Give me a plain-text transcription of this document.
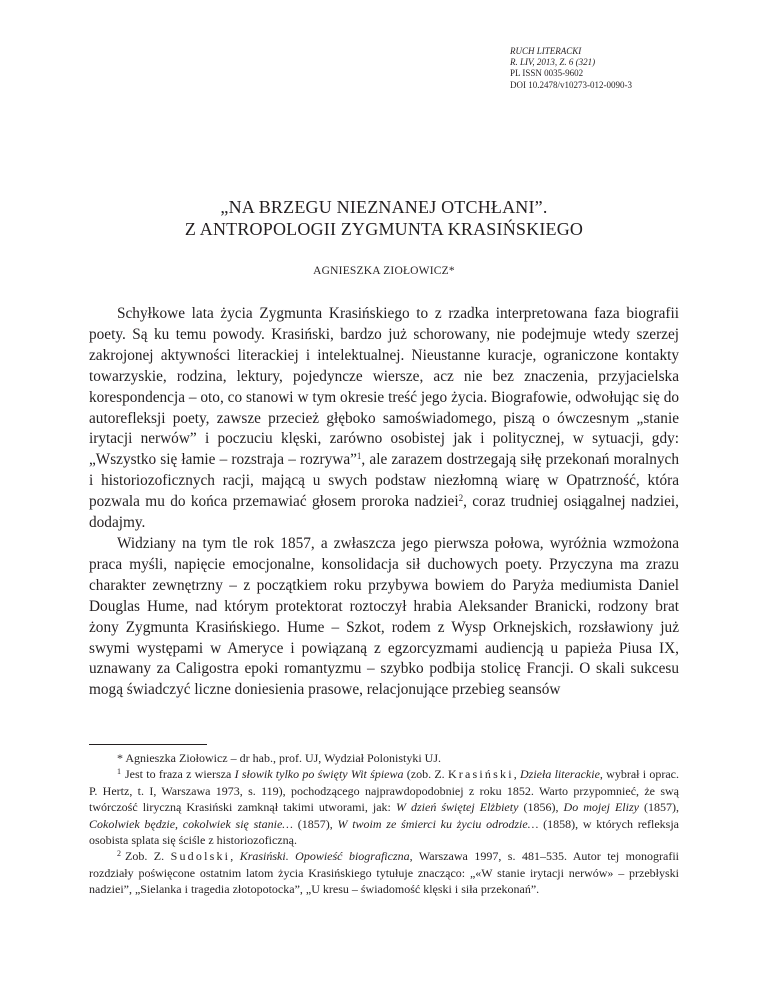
RUCH LITERACKI
R. LIV, 2013, Z. 6 (321)
PL ISSN 0035-9602
DOI 10.2478/v10273-012-0090-3
„NA BRZEGU NIEZNANEJ OTCHŁANI”.
Z ANTROPOLOGII ZYGMUNTA KRASIŃSKIEGO
AGNIESZKA ZIOŁOWICZ*

Schyłkowe lata życia Zygmunta Krasińskiego to z rzadka interpretowana faza biografii poety. Są ku temu powody. Krasiński, bardzo już schorowany, nie podejmuje wtedy szerzej zakrojonej aktywności literackiej i intelektualnej. Nieustanne kuracje, ograniczone kontakty towarzyskie, rodzina, lektury, pojedyncze wiersze, acz nie bez znaczenia, przyjacielska korespondencja – oto, co stanowi w tym okresie treść jego życia. Biografowie, odwołując się do autorefleksji poety, zawsze przecież głęboko samoświadomego, piszą o ówczesnym „stanie irytacji nerwów” i poczuciu klęski, zarówno osobistej jak i politycznej, w sytuacji, gdy: „Wszystko się łamie – rozstraja – rozrywa”$^1$, ale zarazem dostrzegają siłę przekonań moralnych i historiozoficznych racji, mającą u swych podstaw niezłomną wiarę w Opatrzność, która pozwala mu do końca przemawiać głosem proroka nadziei$^2$, coraz trudniej osiągalnej nadziei, dodajmy.

Widziany na tym tle rok 1857, a zwłaszcza jego pierwsza połowa, wyróżnia wzmożona praca myśli, napięcie emocjonalne, konsolidacja sił duchowych poety. Przyczyna ma zrazu charakter zewnętrzny – z początkiem roku przybywa bowiem do Paryża mediumista Daniel Douglas Hume, nad którym protektorat roztoczył hrabia Aleksander Branicki, rodzony brat żony Zygmunta Krasińskiego. Hume – Szkot, rodem z Wysp Orknejskich, rozsławiony już swymi występami w Ameryce i powiązaną z egzorcyzmami audiencją u papieża Piusa IX, uznawany za Caligostra epoki romantyzmu – szybko podbija stolicę Francji. O skali sukcesu mogą świadczyć liczne doniesienia prasowe, relacjonujące przebieg seansów

* Agnieszka Ziołowicz – dr hab., prof. UJ, Wydział Polonistyki UJ.

$^1$ Jest to fraza z wiersza I słowik tylko po święty Wit śpiewa (zob. Z. Krasiński, Dzieła literackie, wybrał i oprac. P. Hertz, t. I, Warszawa 1973, s. 119), pochodzącego najprawdopodobniej z roku 1852. Warto przypomnieć, że swą twórczość liryczną Krasiński zamknął takimi utworami, jak: W dzień świętej Elżbiety (1856), Do mojej Elizy (1857), Cokolwiek będzie, cokolwiek się stanie… (1857), W twoim ze śmierci ku życiu odrodzie… (1858), w których refleksja osobista splata się ściśle z historiozoficzną.

$^2$ Zob. Z. Sudolski, Krasiński. Opowieść biograficzna, Warszawa 1997, s. 481–535. Autor tej monografii rozdziały poświęcone ostatnim latom życia Krasińskiego tytułuje znacząco: „«W stanie irytacji nerwów» – przebłyski nadziei”, „Sielanka i tragedia złotopotocka”, „U kresu – świadomość klęski i siła przekonań”.
